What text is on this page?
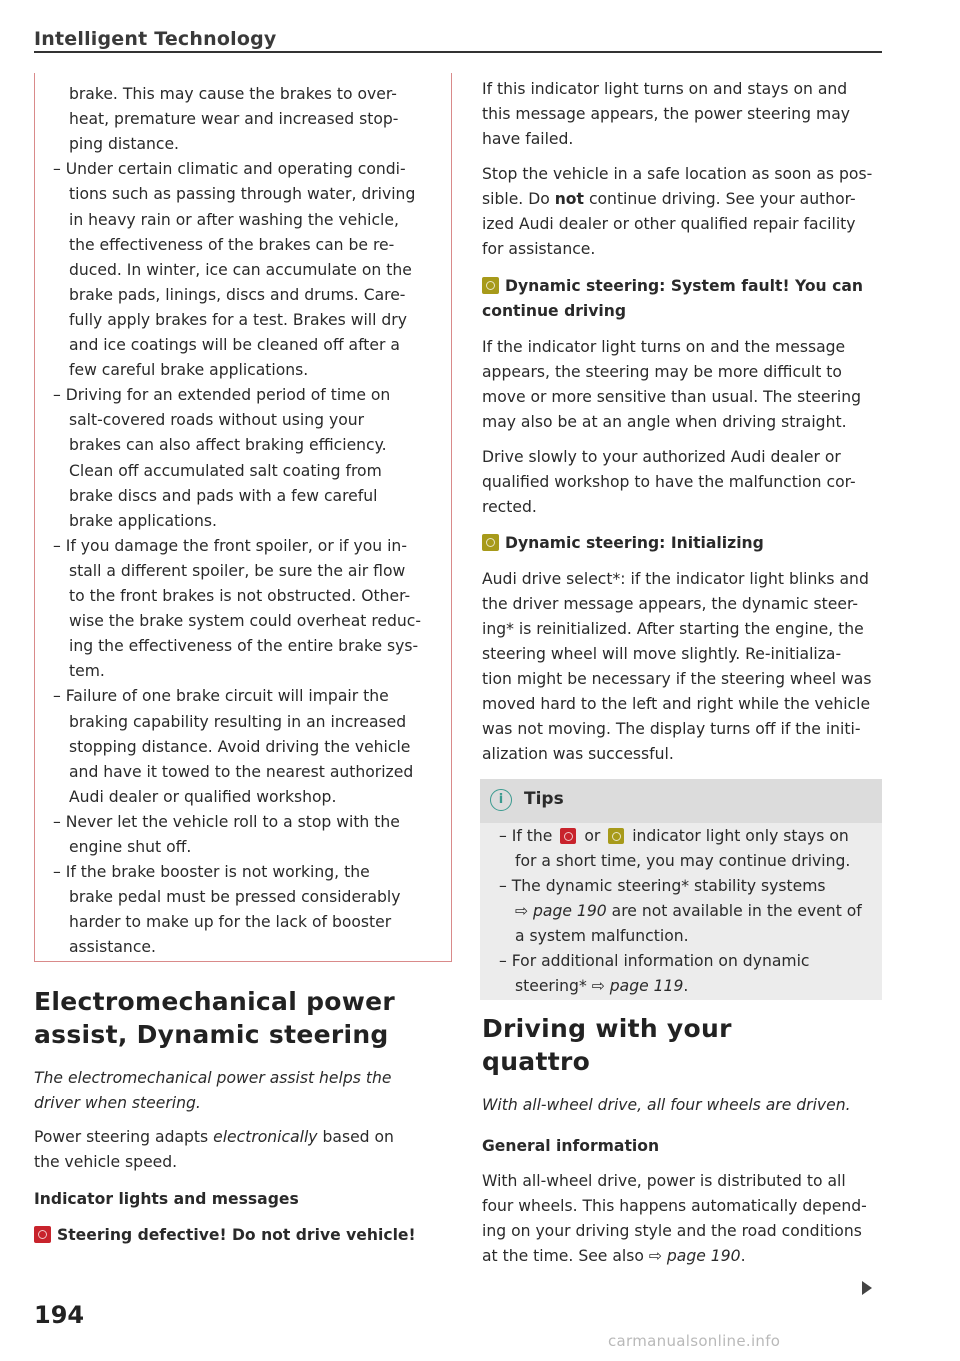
Intelligent Technology

brake. This may cause the brakes to over-

heat, premature wear and increased stop-

ping distance.

– Under certain climatic and operating condi-

tions such as passing through water, driving

in heavy rain or after washing the vehicle,

the effectiveness of the brakes can be re-

duced. In winter, ice can accumulate on the

brake pads, linings, discs and drums. Care-

fully apply brakes for a test. Brakes will dry

and ice coatings will be cleaned off after a

few careful brake applications.

– Driving for an extended period of time on

salt-covered roads without using your

brakes can also affect braking efficiency.

Clean off accumulated salt coating from

brake discs and pads with a few careful

brake applications.

– If you damage the front spoiler, or if you in-

stall a different spoiler, be sure the air flow

to the front brakes is not obstructed. Other-

wise the brake system could overheat reduc-

ing the effectiveness of the entire brake sys-

tem.

– Failure of one brake circuit will impair the

braking capability resulting in an increased

stopping distance. Avoid driving the vehicle

and have it towed to the nearest authorized

Audi dealer or qualified workshop.

– Never let the vehicle roll to a stop with the

engine shut off.

– If the brake booster is not working, the

brake pedal must be pressed considerably

harder to make up for the lack of booster

assistance.

Electromechanical power
assist, Dynamic steering

The electromechanical power assist helps the

driver when steering.

Power steering adapts electronically based on

the vehicle speed.

Indicator lights and messages

Steering defective! Do not drive vehicle!

If this indicator light turns on and stays on and

this message appears, the power steering may

have failed.

Stop the vehicle in a safe location as soon as pos-

sible. Do not continue driving. See your author-

ized Audi dealer or other qualified repair facility

for assistance.

Dynamic steering: System fault! You can

continue driving

If the indicator light turns on and the message

appears, the steering may be more difficult to

move or more sensitive than usual. The steering

may also be at an angle when driving straight.

Drive slowly to your authorized Audi dealer or

qualified workshop to have the malfunction cor-

rected.

Dynamic steering: Initializing

Audi drive select*: if the indicator light blinks and

the driver message appears, the dynamic steer-

ing* is reinitialized. After starting the engine, the

steering wheel will move slightly. Re-initializa-

tion might be necessary if the steering wheel was

moved hard to the left and right while the vehicle

was not moving. The display turns off if the initi-

alization was successful.

Driving with your

quattro

With all-wheel drive, all four wheels are driven.

General information

With all-wheel drive, power is distributed to all

four wheels. This happens automatically depend-

ing on your driving style and the road conditions

at the time. See also ⇨ page 190.

i	Tips

– If the  or  indicator light only stays on

for a short time, you may continue driving.

– The dynamic steering* stability systems

⇨ page 190 are not available in the event of

a system malfunction.

– For additional information on dynamic

steering* ⇨ page 119.

194
carmanualsonline.info
